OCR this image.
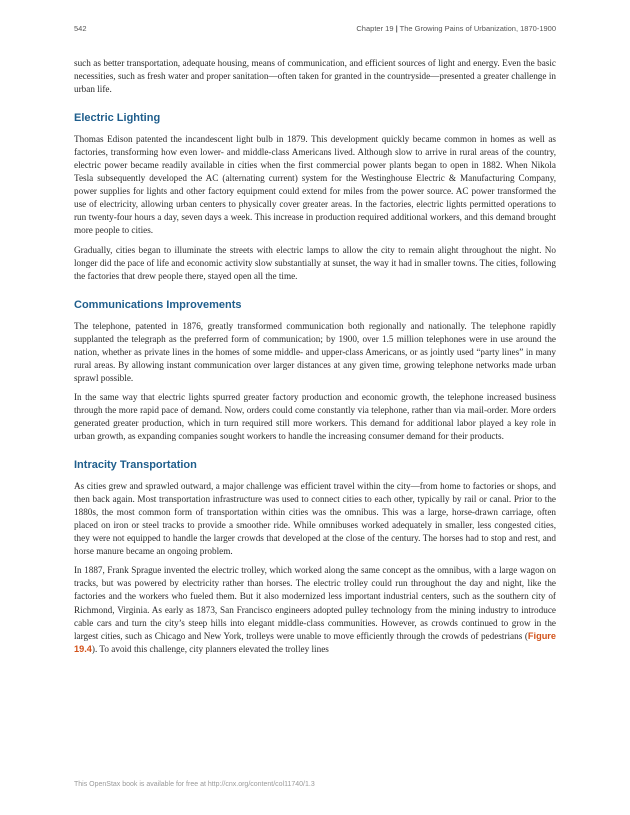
542	Chapter 19 | The Growing Pains of Urbanization, 1870-1900

such as better transportation, adequate housing, means of communication, and efficient sources of light and energy. Even the basic necessities, such as fresh water and proper sanitation—often taken for granted in the countryside—presented a greater challenge in urban life.

Electric Lighting

Thomas Edison patented the incandescent light bulb in 1879. This development quickly became common in homes as well as factories, transforming how even lower- and middle-class Americans lived. Although slow to arrive in rural areas of the country, electric power became readily available in cities when the first commercial power plants began to open in 1882. When Nikola Tesla subsequently developed the AC (alternating current) system for the Westinghouse Electric & Manufacturing Company, power supplies for lights and other factory equipment could extend for miles from the power source. AC power transformed the use of electricity, allowing urban centers to physically cover greater areas. In the factories, electric lights permitted operations to run twenty-four hours a day, seven days a week. This increase in production required additional workers, and this demand brought more people to cities.

Gradually, cities began to illuminate the streets with electric lamps to allow the city to remain alight throughout the night. No longer did the pace of life and economic activity slow substantially at sunset, the way it had in smaller towns. The cities, following the factories that drew people there, stayed open all the time.

Communications Improvements

The telephone, patented in 1876, greatly transformed communication both regionally and nationally. The telephone rapidly supplanted the telegraph as the preferred form of communication; by 1900, over 1.5 million telephones were in use around the nation, whether as private lines in the homes of some middle- and upper-class Americans, or as jointly used “party lines” in many rural areas. By allowing instant communication over larger distances at any given time, growing telephone networks made urban sprawl possible.

In the same way that electric lights spurred greater factory production and economic growth, the telephone increased business through the more rapid pace of demand. Now, orders could come constantly via telephone, rather than via mail-order. More orders generated greater production, which in turn required still more workers. This demand for additional labor played a key role in urban growth, as expanding companies sought workers to handle the increasing consumer demand for their products.

Intracity Transportation

As cities grew and sprawled outward, a major challenge was efficient travel within the city—from home to factories or shops, and then back again. Most transportation infrastructure was used to connect cities to each other, typically by rail or canal. Prior to the 1880s, the most common form of transportation within cities was the omnibus. This was a large, horse-drawn carriage, often placed on iron or steel tracks to provide a smoother ride. While omnibuses worked adequately in smaller, less congested cities, they were not equipped to handle the larger crowds that developed at the close of the century. The horses had to stop and rest, and horse manure became an ongoing problem.

In 1887, Frank Sprague invented the electric trolley, which worked along the same concept as the omnibus, with a large wagon on tracks, but was powered by electricity rather than horses. The electric trolley could run throughout the day and night, like the factories and the workers who fueled them. But it also modernized less important industrial centers, such as the southern city of Richmond, Virginia. As early as 1873, San Francisco engineers adopted pulley technology from the mining industry to introduce cable cars and turn the city’s steep hills into elegant middle-class communities. However, as crowds continued to grow in the largest cities, such as Chicago and New York, trolleys were unable to move efficiently through the crowds of pedestrians (Figure 19.4). To avoid this challenge, city planners elevated the trolley lines

This OpenStax book is available for free at http://cnx.org/content/col11740/1.3
